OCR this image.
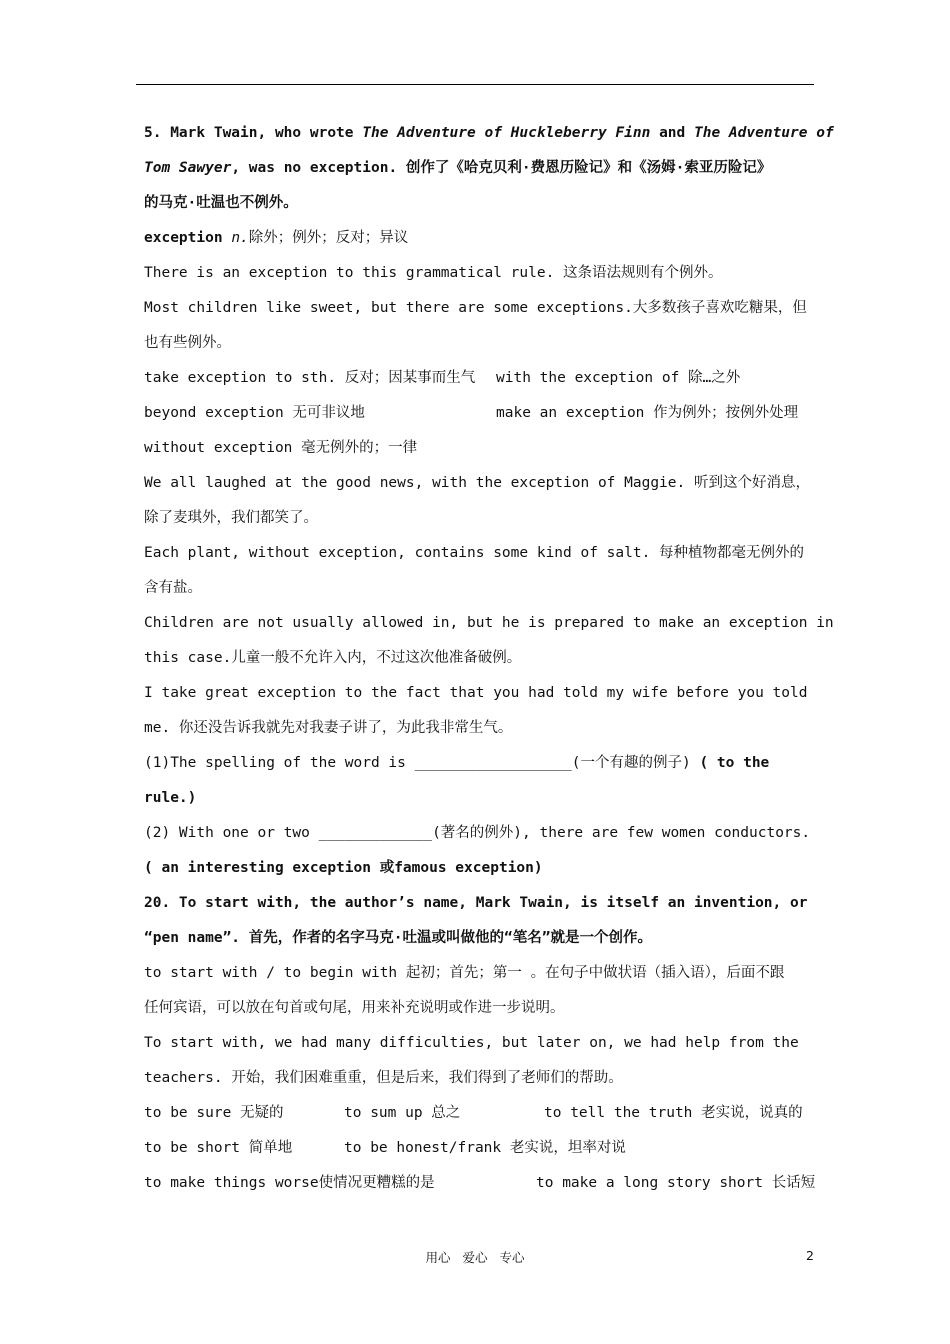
5. Mark Twain, who wrote The Adventure of Huckleberry Finn and The Adventure of
Tom Sawyer, was no exception. 创作了《哈克贝利·费恩历险记》和《汤姆·索亚历险记》
的马克·吐温也不例外。
exception n.除外；例外；反对；异议
There is an exception to this grammatical rule. 这条语法规则有个例外。
Most children like sweet, but there are some exceptions.大多数孩子喜欢吃糖果，但
也有些例外。
take exception to sth. 反对；因某事而生气 with the exception of 除…之外
beyond exception 无可非议地	make an exception 作为例外；按例外处理
without exception 毫无例外的；一律
We all laughed at the good news, with the exception of Maggie. 听到这个好消息，
除了麦琪外，我们都笑了。
Each plant, without exception, contains some kind of salt. 每种植物都毫无例外的
含有盐。
Children are not usually allowed in, but he is prepared to make an exception in
this case.儿童一般不允许入内，不过这次他准备破例。
I take great exception to the fact that you had told my wife before you told
me. 你还没告诉我就先对我妻子讲了，为此我非常生气。
(1)The spelling of the word is __________________(一个有趣的例子) ( to the
rule.)
(2) With one or two _____________(著名的例外), there are few women conductors.
( an interesting exception 或famous exception)
20. To start with, the author’s name, Mark Twain, is itself an invention, or
“pen name”. 首先，作者的名字马克·吐温或叫做他的“笔名”就是一个创作。
to start with / to begin with 起初；首先；第一 。在句子中做状语（插入语），后面不跟
任何宾语，可以放在句首或句尾，用来补充说明或作进一步说明。
To start with, we had many difficulties, but later on, we had help from the
teachers. 开始，我们困难重重，但是后来，我们得到了老师们的帮助。
to be sure 无疑的	to sum up 总之	to tell the truth 老实说，说真的
to be short 简单地	to be honest/frank 老实说，坦率对说
to make things worse使情况更糟糕的是	to make a long story short 长话短
用心 爱心 专心	2
